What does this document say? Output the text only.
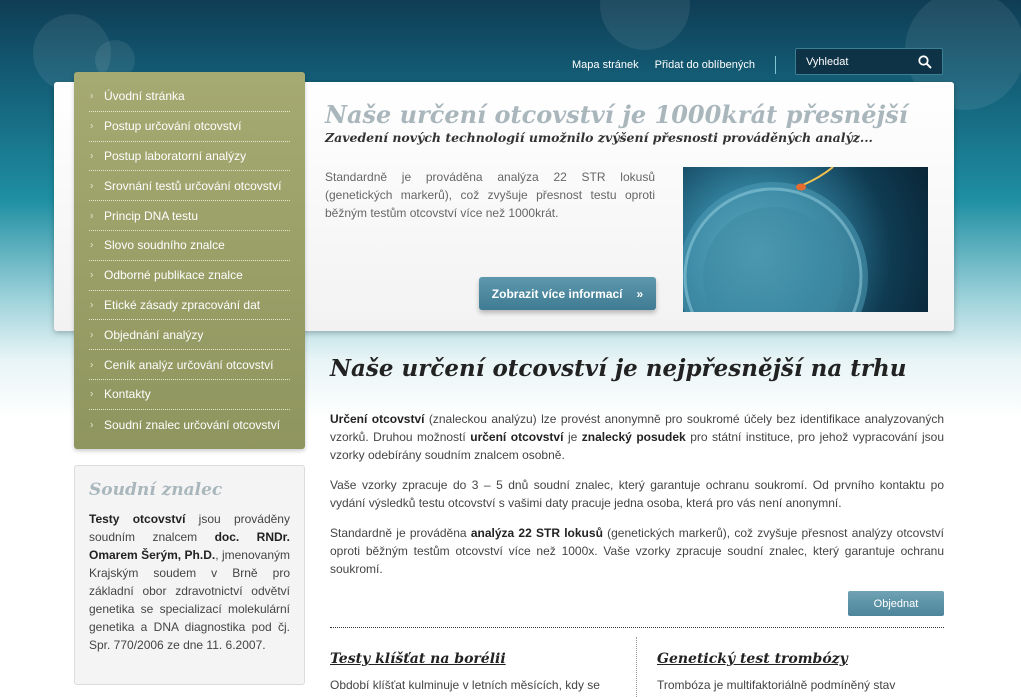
Mapa stránek Přidat do oblíbených
Vyhledat
Naše určení otcovství je 1000krát přesnější
Zavedení nových technologií umožnilo zvýšení přesnosti prováděných analýz...
Standardně je prováděna analýza 22 STR lokusů (genetických markerů), což zvyšuje přesnost testu oproti běžným testům otcovství více než 1000krát.
Zobrazit více informací »
› Úvodní stránka
› Postup určování otcovství
› Postup laboratorní analýzy
› Srovnání testů určování otcovství
› Princip DNA testu
› Slovo soudního znalce
› Odborné publikace znalce
› Etické zásady zpracování dat
› Objednání analýzy
› Ceník analýz určování otcovství
› Kontakty
› Soudní znalec určování otcovství
Soudní znalec
Testy otcovství jsou prováděny soudním znalcem doc. RNDr. Omarem Šerým, Ph.D., jmenovaným Krajským soudem v Brně pro základní obor zdravotnictví odvětví genetika se specializací molekulární genetika a DNA diagnostika pod čj. Spr. 770/2006 ze dne 11. 6.2007.
Naše určení otcovství je nejpřesnější na trhu
Určení otcovství (znaleckou analýzu) lze provést anonymně pro soukromé účely bez identifikace analyzovaných vzorků. Druhou možností určení otcovství je znalecký posudek pro státní instituce, pro jehož vypracování jsou vzorky odebírány soudním znalcem osobně.
Vaše vzorky zpracuje do 3 – 5 dnů soudní znalec, který garantuje ochranu soukromí. Od prvního kontaktu po vydání výsledků testu otcovství s vašimi daty pracuje jedna osoba, která pro vás není anonymní.
Standardně je prováděna analýza 22 STR lokusů (genetických markerů), což zvyšuje přesnost analýzy otcovství oproti běžným testům otcovství více než 1000x. Vaše vzorky zpracuje soudní znalec, který garantuje ochranu soukromí.
Objednat
Testy klíšťat na borélii
Období klíšťat kulminuje v letních měsících, kdy se
Genetický test trombózy
Trombóza je multifaktoriálně podmíněný stav
